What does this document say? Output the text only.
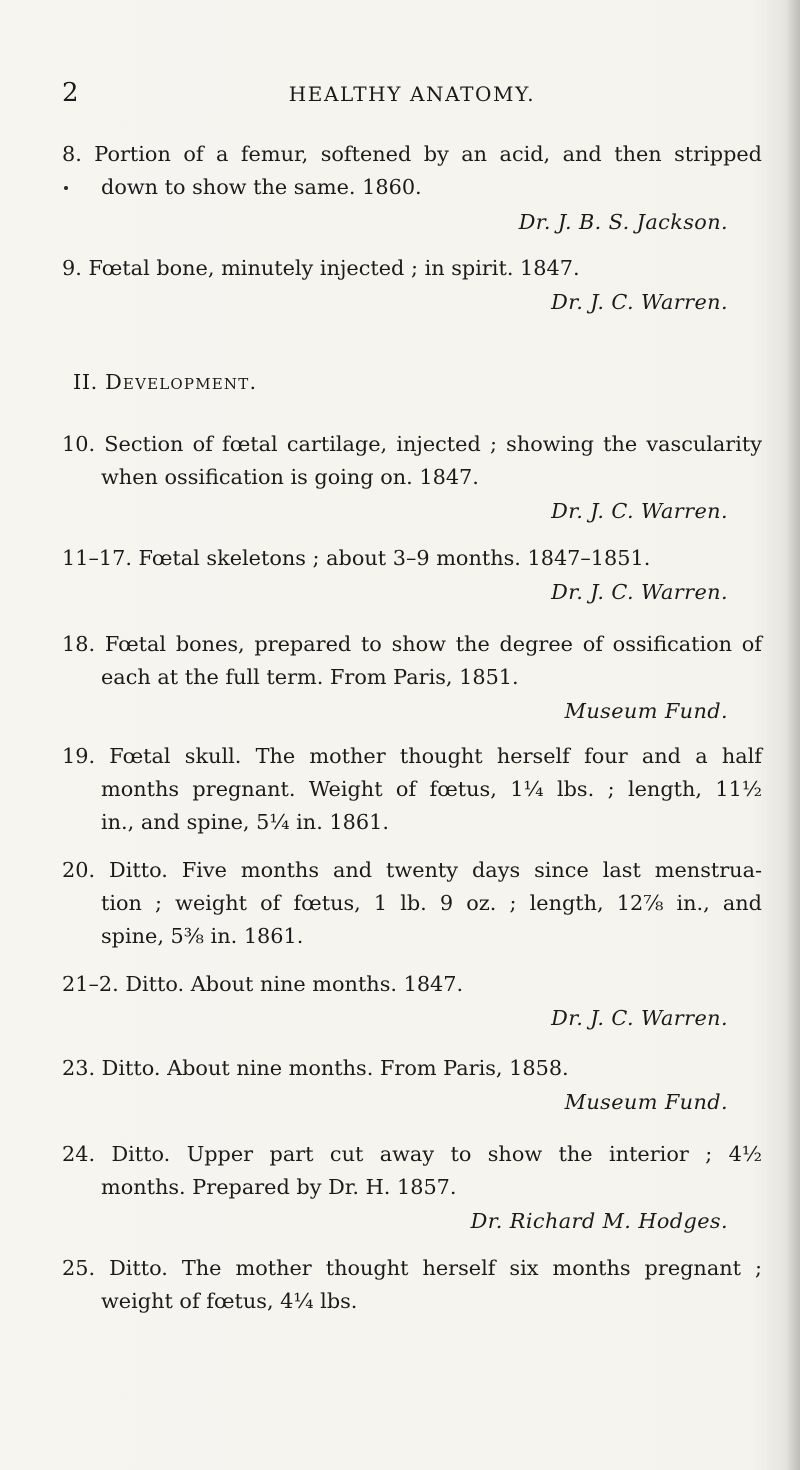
2	HEALTHY ANATOMY.
8. Portion of a femur, softened by an acid, and then stripped
down to show the same. 1860.
Dr. J. B. S. Jackson.
9. Fœtal bone, minutely injected ; in spirit. 1847.
Dr. J. C. Warren.
II. Development.
10. Section of fœtal cartilage, injected ; showing the vascularity
when ossification is going on. 1847.
Dr. J. C. Warren.
11–17. Fœtal skeletons ; about 3–9 months. 1847–1851.
Dr. J. C. Warren.
18. Fœtal bones, prepared to show the degree of ossification of
each at the full term. From Paris, 1851.
Museum Fund.
19. Fœtal skull. The mother thought herself four and a half
months pregnant. Weight of fœtus, 1¼ lbs. ; length, 11½
in., and spine, 5¼ in. 1861.
20. Ditto. Five months and twenty days since last menstrua-
tion ; weight of fœtus, 1 lb. 9 oz. ; length, 12⅞ in., and
spine, 5⅜ in. 1861.
21–2. Ditto. About nine months. 1847.
Dr. J. C. Warren.
23. Ditto. About nine months. From Paris, 1858.
Museum Fund.
24. Ditto. Upper part cut away to show the interior ; 4½
months. Prepared by Dr. H. 1857.
Dr. Richard M. Hodges.
25. Ditto. The mother thought herself six months pregnant ;
weight of fœtus, 4¼ lbs.
